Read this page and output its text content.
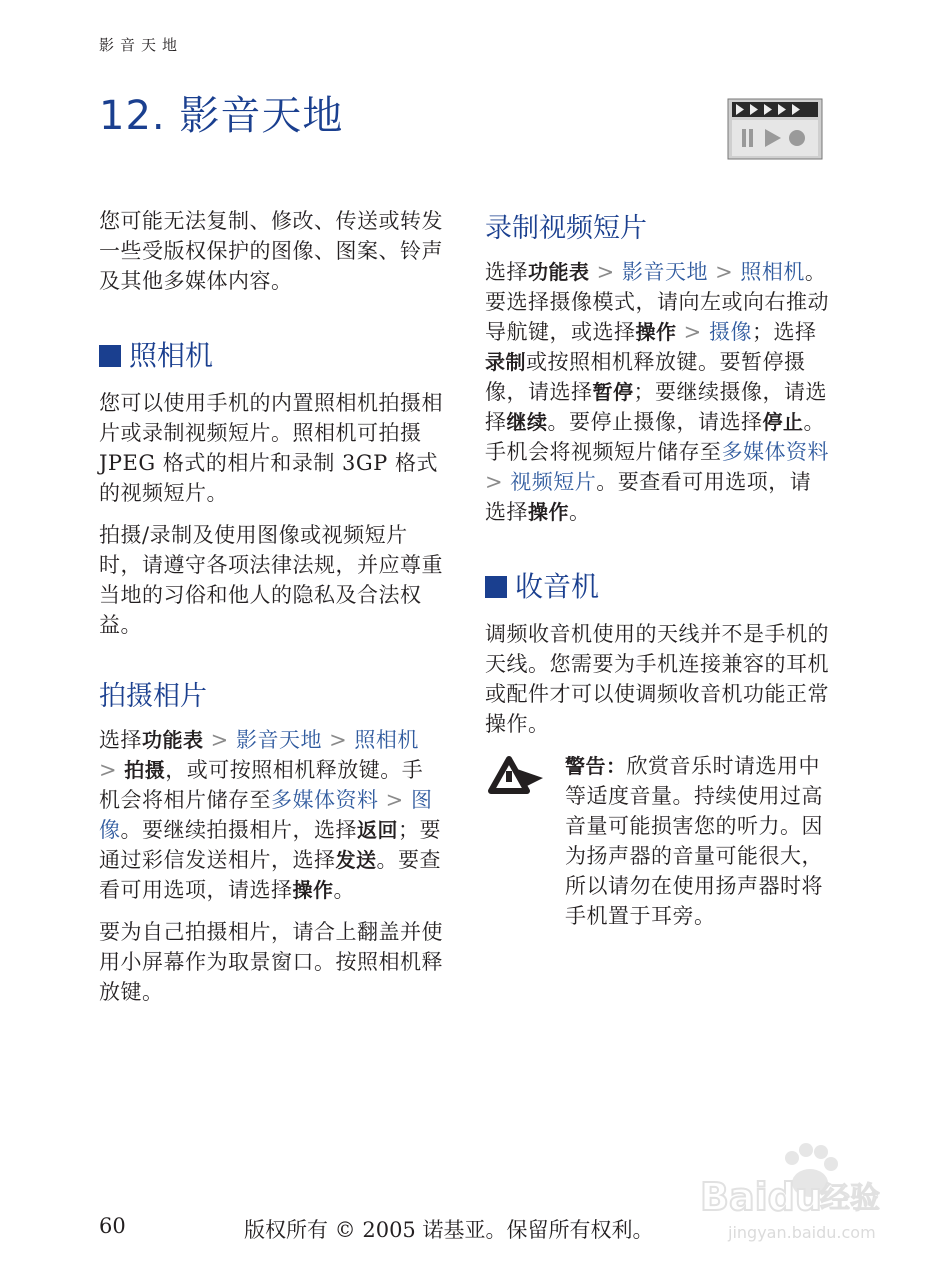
影音天地
12. 影音天地

您可能无法复制、修改、传送或转发一些受版权保护的图像、图案、铃声及其他多媒体内容。

照相机

您可以使用手机的内置照相机拍摄相片或录制视频短片。照相机可拍摄 JPEG 格式的相片和录制 3GP 格式的视频短片。

拍摄/录制及使用图像或视频短片时，请遵守各项法律法规，并应尊重当地的习俗和他人的隐私及合法权益。

拍摄相片

选择功能表 > 影音天地 > 照相机 > 拍摄，或可按照相机释放键。手机会将相片储存至多媒体资料 > 图像。要继续拍摄相片，选择返回；要通过彩信发送相片，选择发送。要查看可用选项，请选择操作。

要为自己拍摄相片，请合上翻盖并使用小屏幕作为取景窗口。按照相机释放键。

录制视频短片

选择功能表 > 影音天地 > 照相机。要选择摄像模式，请向左或向右推动导航键，或选择操作 > 摄像；选择录制或按照相机释放键。要暂停摄像，请选择暂停；要继续摄像，请选择继续。要停止摄像，请选择停止。手机会将视频短片储存至多媒体资料 > 视频短片。要查看可用选项，请选择操作。

收音机

调频收音机使用的天线并不是手机的天线。您需要为手机连接兼容的耳机或配件才可以使调频收音机功能正常操作。

警告：欣赏音乐时请选用中等适度音量。持续使用过高音量可能损害您的听力。因为扬声器的音量可能很大，所以请勿在使用扬声器时将手机置于耳旁。

60	版权所有 © 2005 诺基亚。保留所有权利。
Baidu
经验
jingyan.baidu.com
